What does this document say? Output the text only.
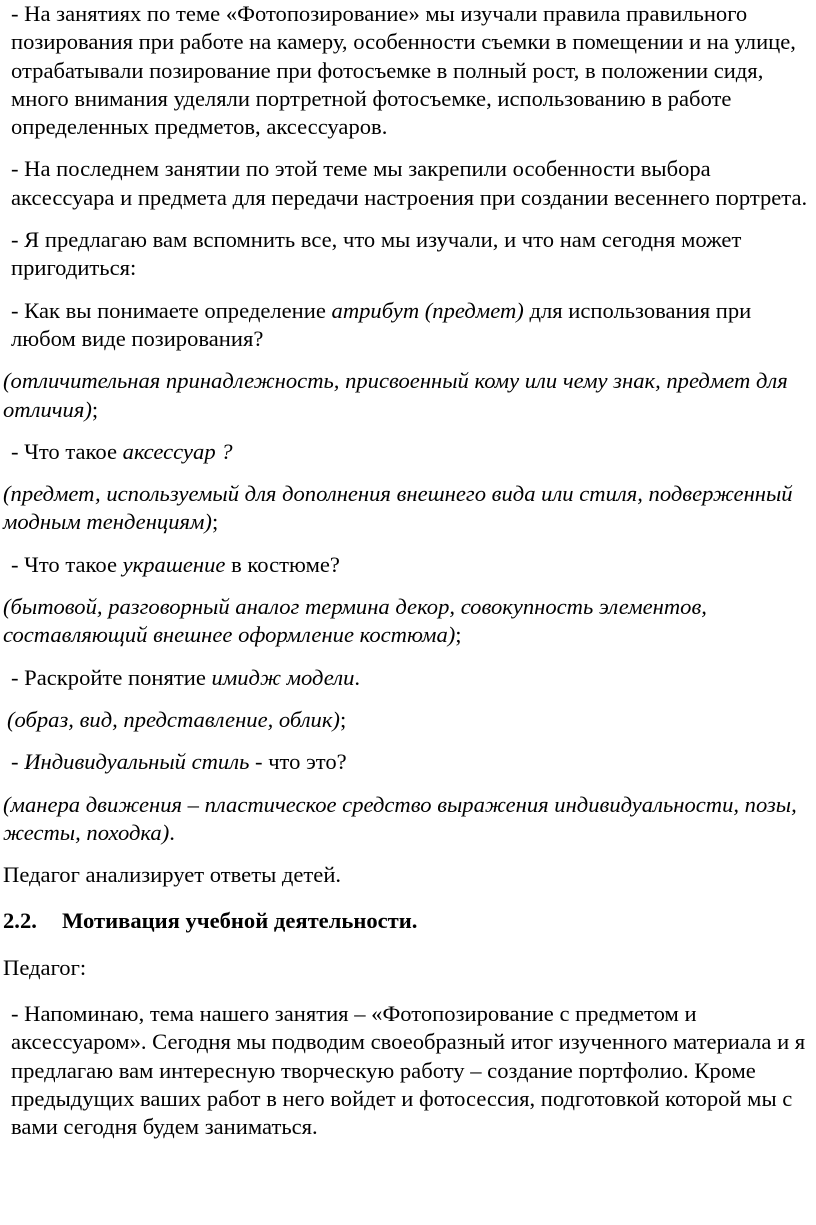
- На занятиях по теме «Фотопозирование» мы изучали правила правильного позирования при работе на камеру, особенности съемки в помещении и на улице, отрабатывали позирование при фотосъемке в полный рост, в положении сидя, много внимания уделяли портретной фотосъемке, использованию в работе определенных предметов, аксессуаров.

- На последнем занятии по этой теме мы закрепили особенности выбора аксессуара и предмета для передачи настроения при создании весеннего портрета.

- Я предлагаю вам вспомнить все, что мы изучали, и что нам сегодня может пригодиться:

- Как вы понимаете определение атрибут (предмет) для использования при любом виде позирования?

(отличительная принадлежность, присвоенный кому или чему знак, предмет для отличия);

- Что такое аксессуар ?

(предмет, используемый для дополнения внешнего вида или стиля, подверженный модным тенденциям);

- Что такое украшение в костюме?

(бытовой, разговорный аналог термина декор, совокупность элементов, составляющий внешнее оформление костюма);

- Раскройте понятие имидж модели.

(образ, вид, представление, облик);

- Индивидуальный стиль - что это?

(манера движения – пластическое средство выражения индивидуальности, позы, жесты, походка).

Педагог анализирует ответы детей.

2.2. Мотивация учебной деятельности.

Педагог:

- Напоминаю, тема нашего занятия – «Фотопозирование с предметом и аксессуаром». Сегодня мы подводим своеобразный итог изученного материала и я предлагаю вам интересную творческую работу – создание портфолио. Кроме предыдущих ваших работ в него войдет и фотосессия, подготовкой которой мы с вами сегодня будем заниматься.
